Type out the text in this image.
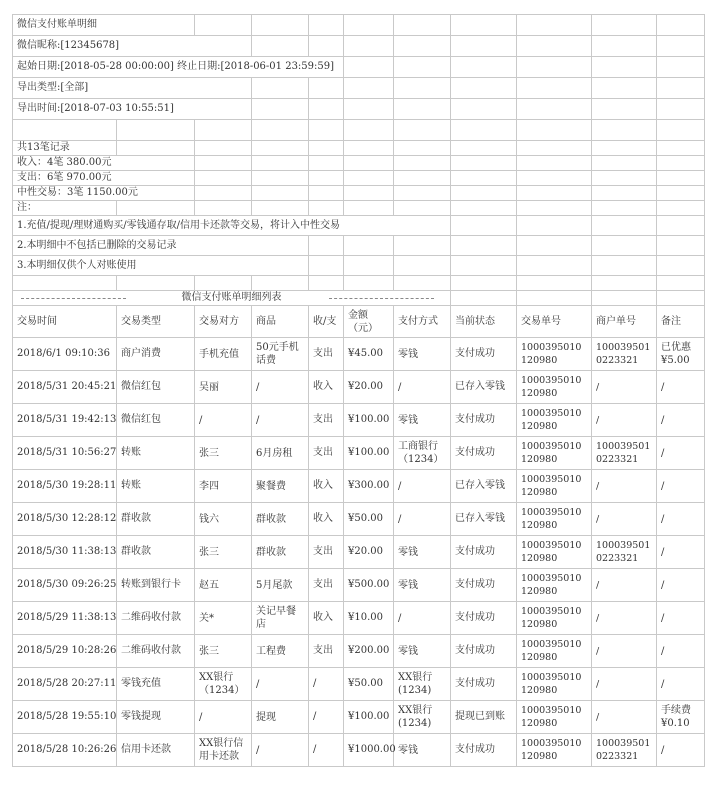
微信支付账单明细										
微信昵称:[12345678]										
起始日期:[2018-05-28 00:00:00] 终止日期:[2018-06-01 23:59:59]										
导出类型:[全部]										
导出时间:[2018-07-03 10:55:51]										

共13笔记录										
收入：4笔 380.00元										
支出：6笔 970.00元										
中性交易：3笔 1150.00元										
注：										
1.充值/提现/理财通购买/零钱通存取/信用卡还款等交易，将计入中性交易										
2.本明细中不包括已删除的交易记录										
3.本明细仅供个人对账使用										

微信支付账单明细列表						

交易时间	交易类型	交易对方	商品	收/支	金额（元）	支付方式	当前状态	交易单号	商户单号	备注
2018/6/1 09:10:36	商户消费	手机充值	50元手机话费	支出	¥45.00	零钱	支付成功	1000395010120980	1000395010223321	已优惠¥5.00
2018/5/31 20:45:21	微信红包	吴丽	/	收入	¥20.00	/	已存入零钱	1000395010120980	/	/
2018/5/31 19:42:13	微信红包	/	/	支出	¥100.00	零钱	支付成功	1000395010120980	/	/
2018/5/31 10:56:27	转账	张三	6月房租	支出	¥100.00	工商银行（1234）	支付成功	1000395010120980	1000395010223321	/
2018/5/30 19:28:11	转账	李四	聚餐费	收入	¥300.00	/	已存入零钱	1000395010120980	/	/
2018/5/30 12:28:12	群收款	钱六	群收款	收入	¥50.00	/	已存入零钱	1000395010120980	/	/
2018/5/30 11:38:13	群收款	张三	群收款	支出	¥20.00	零钱	支付成功	1000395010120980	1000395010223321	/
2018/5/30 09:26:25	转账到银行卡	赵五	5月尾款	支出	¥500.00	零钱	支付成功	1000395010120980	/	/
2018/5/29 11:38:13	二维码收付款	关*	关记早餐店	收入	¥10.00	/	支付成功	1000395010120980	/	/
2018/5/29 10:28:26	二维码收付款	张三	工程费	支出	¥200.00	零钱	支付成功	1000395010120980	/	/
2018/5/28 20:27:11	零钱充值	XX银行（1234）	/	/	¥50.00	XX银行(1234)	支付成功	1000395010120980	/	/
2018/5/28 19:55:10	零钱提现	/	提现	/	¥100.00	XX银行(1234)	提现已到账	1000395010120980	/	手续费¥0.10
2018/5/28 10:26:26	信用卡还款	XX银行信用卡还款	/	/	¥1000.00	零钱	支付成功	1000395010120980	1000395010223321	/
